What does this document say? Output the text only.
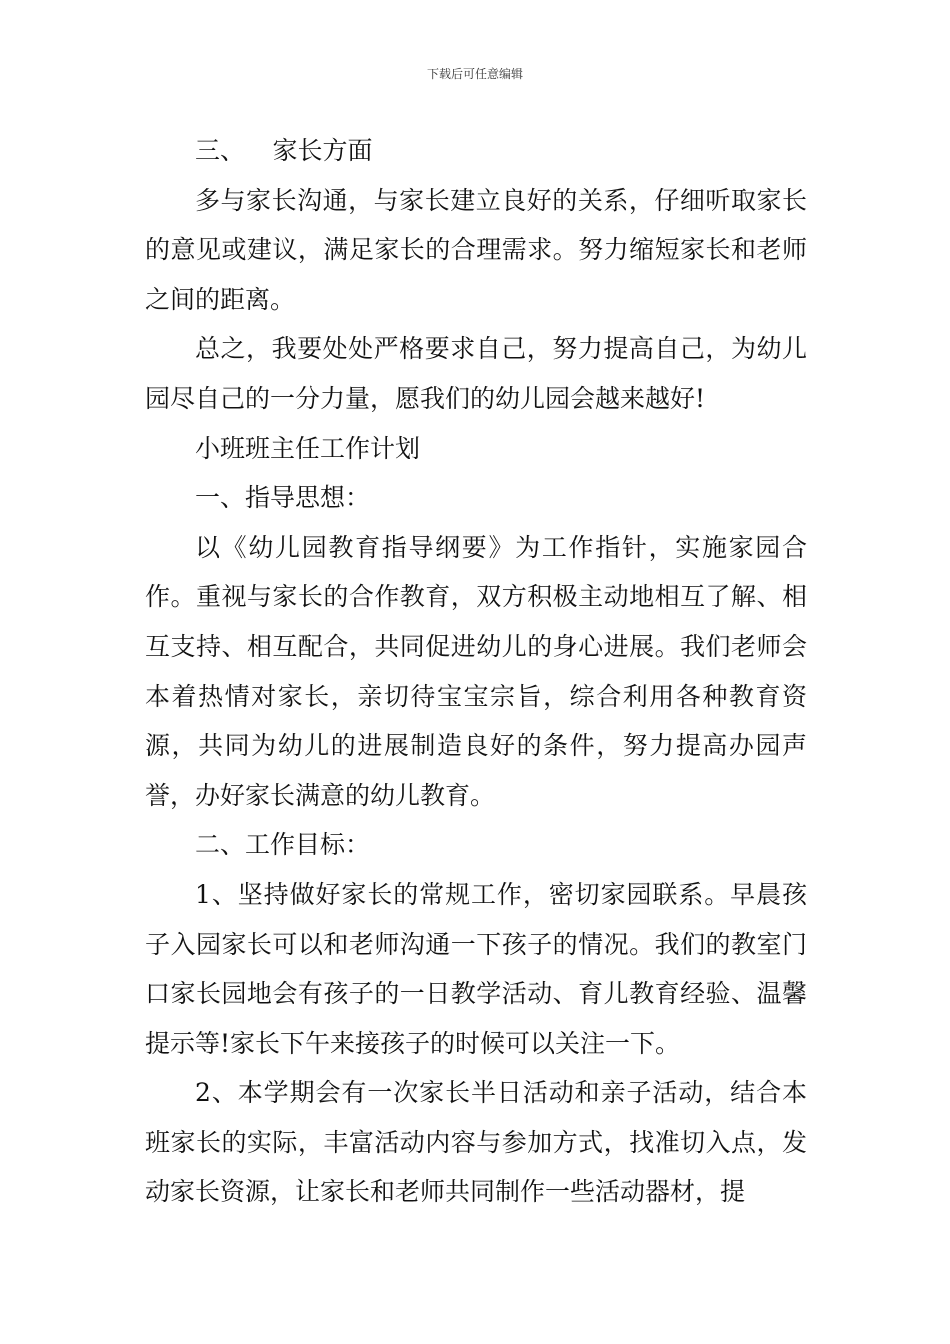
下载后可任意编辑

三、 家长方面

多与家长沟通，与家长建立良好的关系，仔细听取家长的意见或建议，满足家长的合理需求。努力缩短家长和老师之间的距离。

总之，我要处处严格要求自己，努力提高自己，为幼儿园尽自己的一分力量，愿我们的幼儿园会越来越好!

小班班主任工作计划

一、指导思想：

以《幼儿园教育指导纲要》为工作指针，实施家园合作。重视与家长的合作教育，双方积极主动地相互了解、相互支持、相互配合，共同促进幼儿的身心进展。我们老师会本着热情对家长，亲切待宝宝宗旨，综合利用各种教育资源，共同为幼儿的进展制造良好的条件，努力提高办园声誉，办好家长满意的幼儿教育。

二、工作目标：

1、坚持做好家长的常规工作，密切家园联系。早晨孩子入园家长可以和老师沟通一下孩子的情况。我们的教室门口家长园地会有孩子的一日教学活动、育儿教育经验、温馨提示等!家长下午来接孩子的时候可以关注一下。

2、本学期会有一次家长半日活动和亲子活动，结合本班家长的实际，丰富活动内容与参加方式，找准切入点，发动家长资源，让家长和老师共同制作一些活动器材，提
